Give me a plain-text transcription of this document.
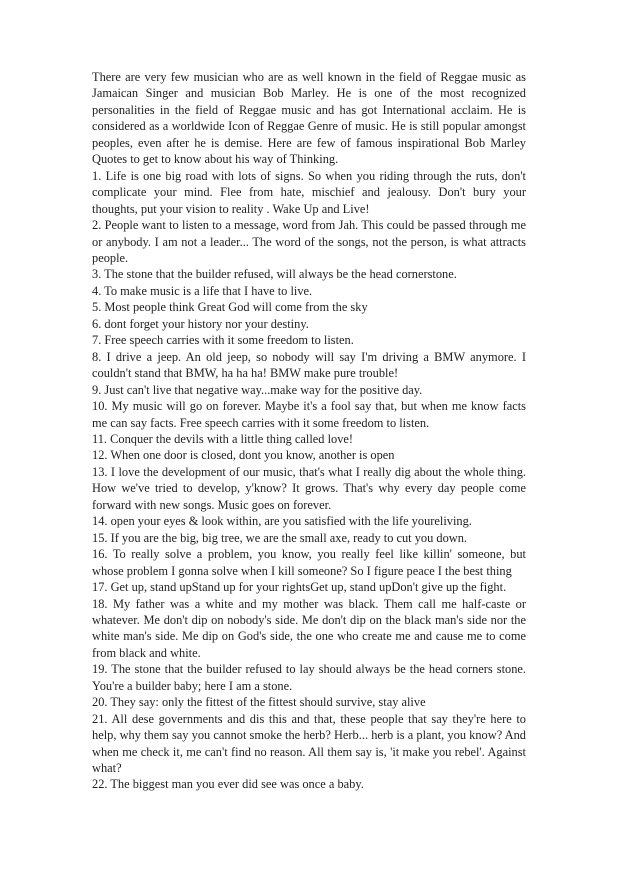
There are very few musician who are as well known in the field of Reggae music as Jamaican Singer and musician Bob Marley. He is one of the most recognized personalities in the field of Reggae music and has got International acclaim. He is considered as a worldwide Icon of Reggae Genre of music. He is still popular amongst peoples, even after he is demise. Here are few of famous inspirational Bob Marley Quotes to get to know about his way of Thinking.

1. Life is one big road with lots of signs. So when you riding through the ruts, don't complicate your mind. Flee from hate, mischief and jealousy. Don't bury your thoughts, put your vision to reality . Wake Up and Live!

2. People want to listen to a message, word from Jah. This could be passed through me or anybody. I am not a leader... The word of the songs, not the person, is what attracts people.

3. The stone that the builder refused, will always be the head cornerstone.

4. To make music is a life that I have to live.

5. Most people think Great God will come from the sky

6. dont forget your history nor your destiny.

7. Free speech carries with it some freedom to listen.

8. I drive a jeep. An old jeep, so nobody will say I'm driving a BMW anymore. I couldn't stand that BMW, ha ha ha! BMW make pure trouble!

9. Just can't live that negative way...make way for the positive day.

10. My music will go on forever. Maybe it's a fool say that, but when me know facts me can say facts. Free speech carries with it some freedom to listen.

11. Conquer the devils with a little thing called love!

12. When one door is closed, dont you know, another is open

13. I love the development of our music, that's what I really dig about the whole thing. How we've tried to develop, y'know? It grows. That's why every day people come forward with new songs. Music goes on forever.

14. open your eyes & look within, are you satisfied with the life youreliving.

15. If you are the big, big tree, we are the small axe, ready to cut you down.

16. To really solve a problem, you know, you really feel like killin' someone, but whose problem I gonna solve when I kill someone? So I figure peace I the best thing

17. Get up, stand upStand up for your rightsGet up, stand upDon't give up the fight.

18. My father was a white and my mother was black. Them call me half-caste or whatever. Me don't dip on nobody's side. Me don't dip on the black man's side nor the white man's side. Me dip on God's side, the one who create me and cause me to come from black and white.

19. The stone that the builder refused to lay should always be the head corners stone. You're a builder baby; here I am a stone.

20. They say: only the fittest of the fittest should survive, stay alive

21. All dese governments and dis this and that, these people that say they're here to help, why them say you cannot smoke the herb? Herb... herb is a plant, you know? And when me check it, me can't find no reason. All them say is, 'it make you rebel'. Against what?

22. The biggest man you ever did see was once a baby.
